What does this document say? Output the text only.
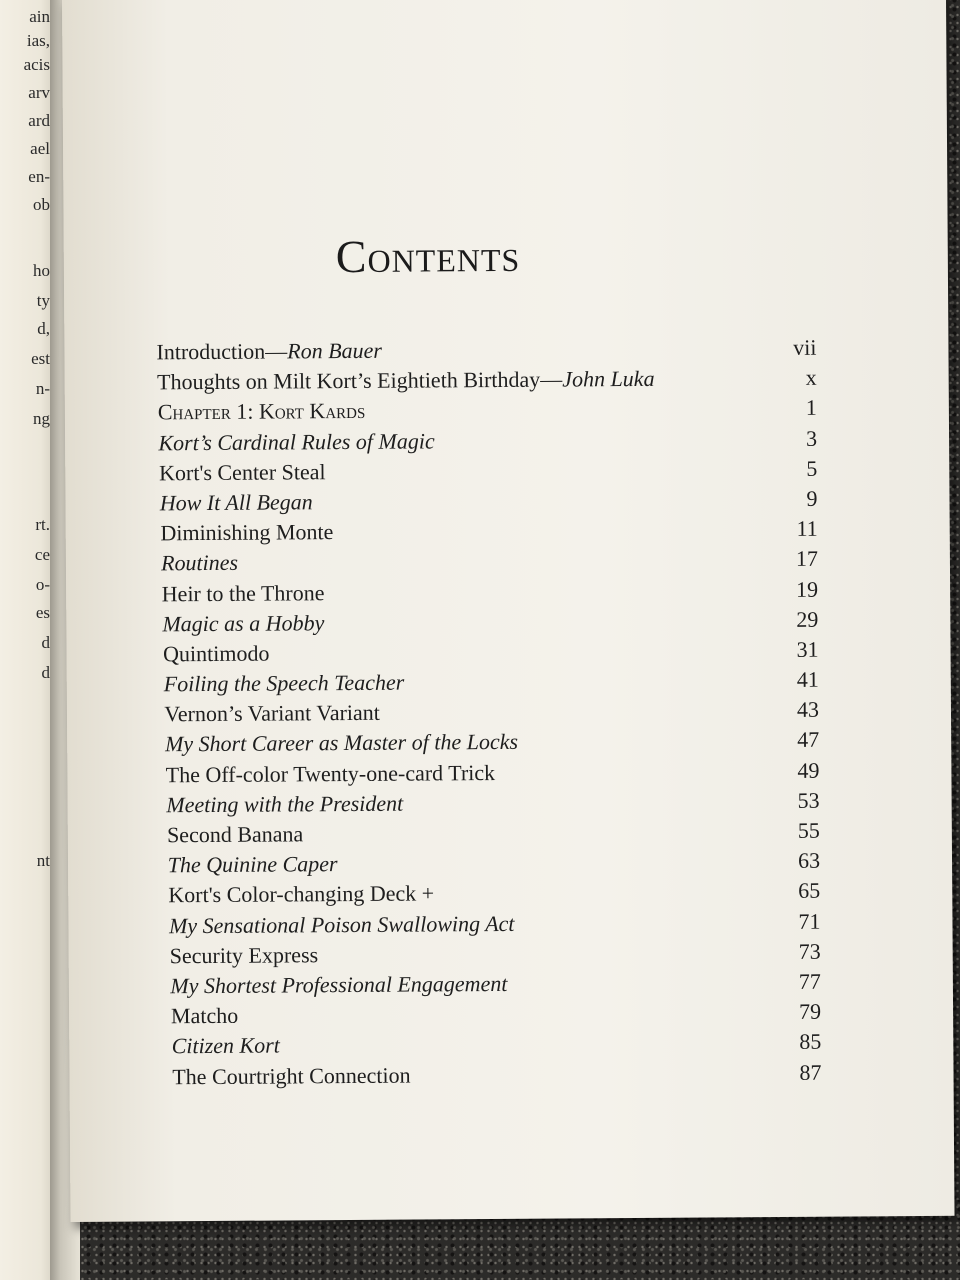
ain
ias,
acis
arv
ard
ael
en-
ob
ho
ty
d,
est
n-
ng
rt.
ce
o-
es
d
d
nt
Contents
Introduction—Ron Bauer	vii
Thoughts on Milt Kort’s Eightieth Birthday—John Luka	x
Chapter 1: Kort Kards	1
Kort’s Cardinal Rules of Magic	3
Kort's Center Steal	5
How It All Began	9
Diminishing Monte	11
Routines	17
Heir to the Throne	19
Magic as a Hobby	29
Quintimodo	31
Foiling the Speech Teacher	41
Vernon’s Variant Variant	43
My Short Career as Master of the Locks	47
The Off-color Twenty-one-card Trick	49
Meeting with the President	53
Second Banana	55
The Quinine Caper	63
Kort's Color-changing Deck +	65
My Sensational Poison Swallowing Act	71
Security Express	73
My Shortest Professional Engagement	77
Matcho	79
Citizen Kort	85
The Courtright Connection	87
